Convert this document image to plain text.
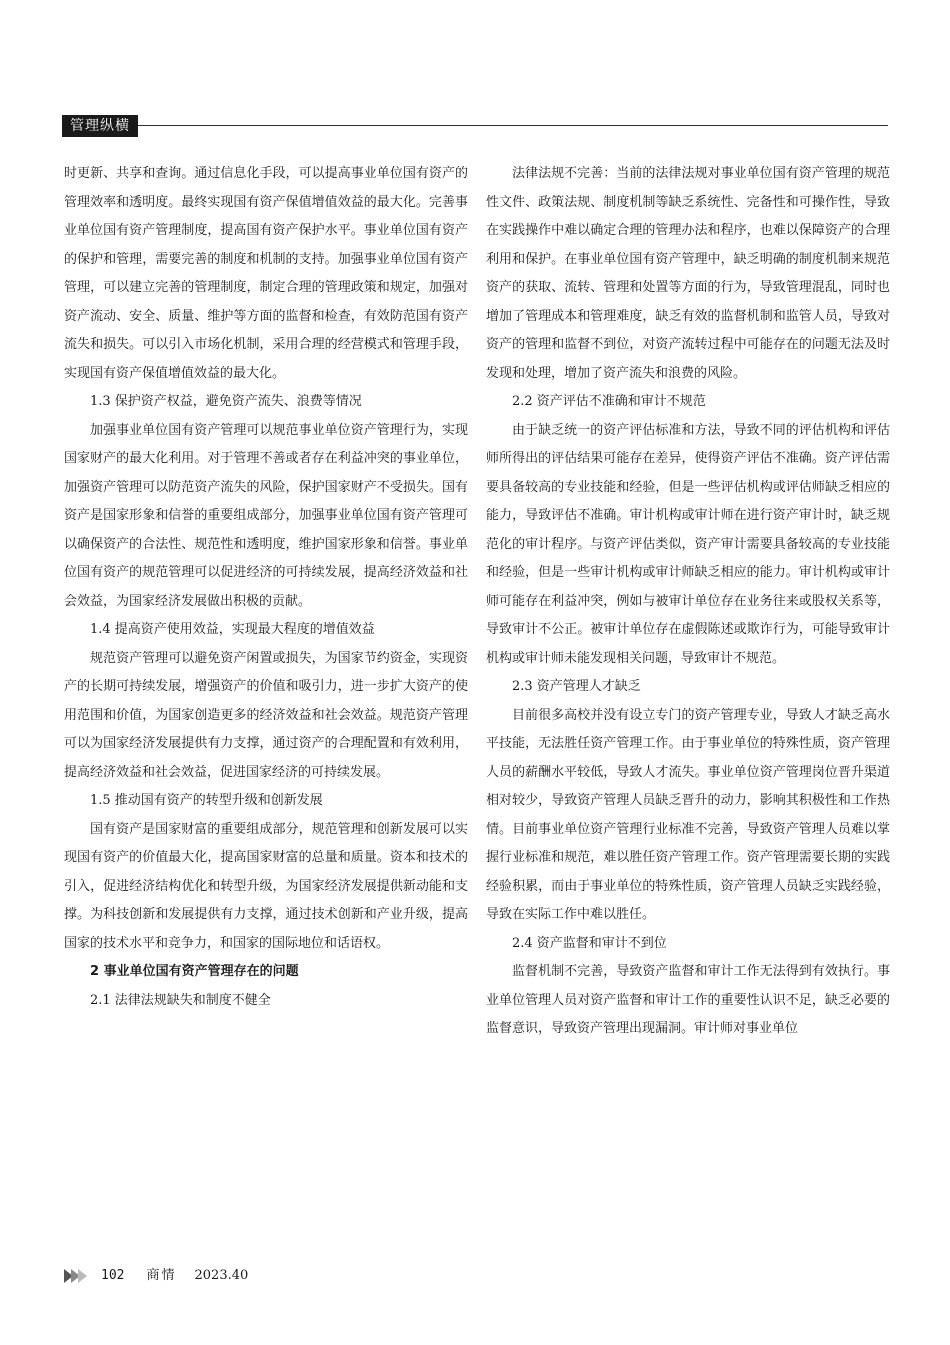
管理纵横

时更新、共享和查询。通过信息化手段，可以提高事业单位国有资产的管理效率和透明度。最终实现国有资产保值增值效益的最大化。完善事业单位国有资产管理制度，提高国有资产保护水平。事业单位国有资产的保护和管理，需要完善的制度和机制的支持。加强事业单位国有资产管理，可以建立完善的管理制度，制定合理的管理政策和规定，加强对资产流动、安全、质量、维护等方面的监督和检查，有效防范国有资产流失和损失。可以引入市场化机制，采用合理的经营模式和管理手段，实现国有资产保值增值效益的最大化。

1.3 保护资产权益，避免资产流失、浪费等情况

加强事业单位国有资产管理可以规范事业单位资产管理行为，实现国家财产的最大化利用。对于管理不善或者存在利益冲突的事业单位，加强资产管理可以防范资产流失的风险，保护国家财产不受损失。国有资产是国家形象和信誉的重要组成部分，加强事业单位国有资产管理可以确保资产的合法性、规范性和透明度，维护国家形象和信誉。事业单位国有资产的规范管理可以促进经济的可持续发展，提高经济效益和社会效益，为国家经济发展做出积极的贡献。

1.4 提高资产使用效益，实现最大程度的增值效益

规范资产管理可以避免资产闲置或损失，为国家节约资金，实现资产的长期可持续发展，增强资产的价值和吸引力，进一步扩大资产的使用范围和价值，为国家创造更多的经济效益和社会效益。规范资产管理可以为国家经济发展提供有力支撑，通过资产的合理配置和有效利用，提高经济效益和社会效益，促进国家经济的可持续发展。

1.5 推动国有资产的转型升级和创新发展

国有资产是国家财富的重要组成部分，规范管理和创新发展可以实现国有资产的价值最大化，提高国家财富的总量和质量。资本和技术的引入，促进经济结构优化和转型升级，为国家经济发展提供新动能和支撑。为科技创新和发展提供有力支撑，通过技术创新和产业升级，提高国家的技术水平和竞争力，和国家的国际地位和话语权。

2 事业单位国有资产管理存在的问题
2.1 法律法规缺失和制度不健全

法律法规不完善：当前的法律法规对事业单位国有资产管理的规范性文件、政策法规、制度机制等缺乏系统性、完备性和可操作性，导致在实践操作中难以确定合理的管理办法和程序，也难以保障资产的合理利用和保护。在事业单位国有资产管理中，缺乏明确的制度机制来规范资产的获取、流转、管理和处置等方面的行为，导致管理混乱，同时也增加了管理成本和管理难度，缺乏有效的监督机制和监管人员，导致对资产的管理和监督不到位，对资产流转过程中可能存在的问题无法及时发现和处理，增加了资产流失和浪费的风险。

2.2 资产评估不准确和审计不规范

由于缺乏统一的资产评估标准和方法，导致不同的评估机构和评估师所得出的评估结果可能存在差异，使得资产评估不准确。资产评估需要具备较高的专业技能和经验，但是一些评估机构或评估师缺乏相应的能力，导致评估不准确。审计机构或审计师在进行资产审计时，缺乏规范化的审计程序。与资产评估类似，资产审计需要具备较高的专业技能和经验，但是一些审计机构或审计师缺乏相应的能力。审计机构或审计师可能存在利益冲突，例如与被审计单位存在业务往来或股权关系等，导致审计不公正。被审计单位存在虚假陈述或欺诈行为，可能导致审计机构或审计师未能发现相关问题，导致审计不规范。

2.3 资产管理人才缺乏

目前很多高校并没有设立专门的资产管理专业，导致人才缺乏高水平技能，无法胜任资产管理工作。由于事业单位的特殊性质，资产管理人员的薪酬水平较低，导致人才流失。事业单位资产管理岗位晋升渠道相对较少，导致资产管理人员缺乏晋升的动力，影响其积极性和工作热情。目前事业单位资产管理行业标准不完善，导致资产管理人员难以掌握行业标准和规范，难以胜任资产管理工作。资产管理需要长期的实践经验积累，而由于事业单位的特殊性质，资产管理人员缺乏实践经验，导致在实际工作中难以胜任。

2.4 资产监督和审计不到位

监督机制不完善，导致资产监督和审计工作无法得到有效执行。事业单位管理人员对资产监督和审计工作的重要性认识不足，缺乏必要的监督意识，导致资产管理出现漏洞。审计师对事业单位

102 商情 2023.40
